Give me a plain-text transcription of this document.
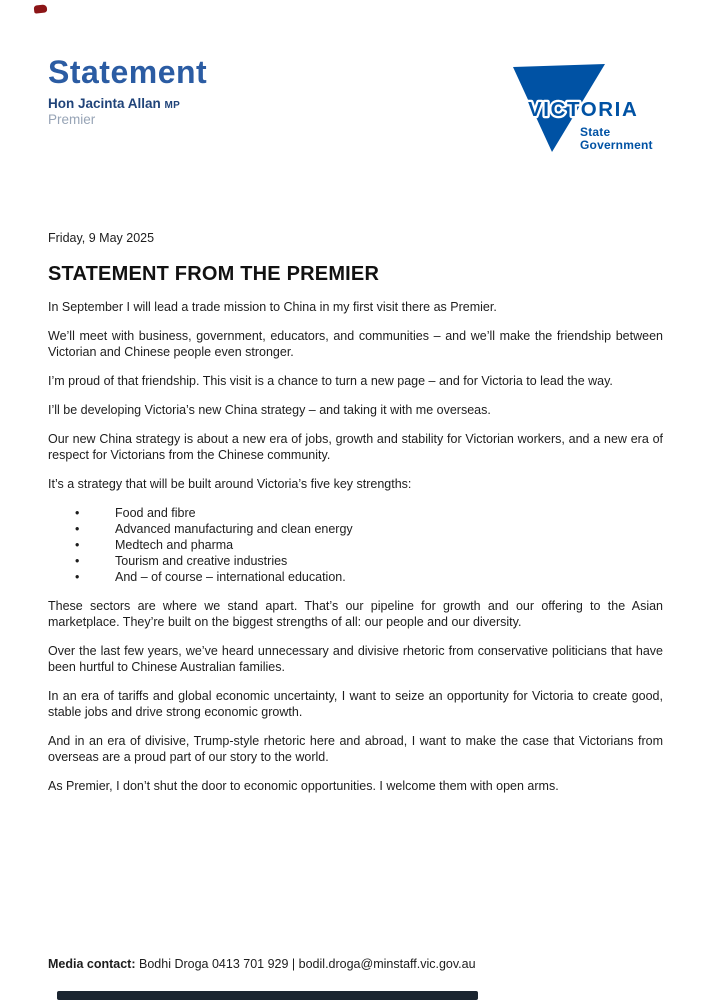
Statement
Hon Jacinta Allan MP
Premier	VICTORIA
State
Government

Friday, 9 May 2025

STATEMENT FROM THE PREMIER

In September I will lead a trade mission to China in my first visit there as Premier.

We’ll meet with business, government, educators, and communities – and we’ll make the friendship between Victorian and Chinese people even stronger.

I’m proud of that friendship. This visit is a chance to turn a new page – and for Victoria to lead the way.

I’ll be developing Victoria’s new China strategy – and taking it with me overseas.

Our new China strategy is about a new era of jobs, growth and stability for Victorian workers, and a new era of respect for Victorians from the Chinese community.

It’s a strategy that will be built around Victoria’s five key strengths:

• Food and fibre
• Advanced manufacturing and clean energy
• Medtech and pharma
• Tourism and creative industries
• And – of course – international education.

These sectors are where we stand apart. That’s our pipeline for growth and our offering to the Asian marketplace. They’re built on the biggest strengths of all: our people and our diversity.

Over the last few years, we’ve heard unnecessary and divisive rhetoric from conservative politicians that have been hurtful to Chinese Australian families.

In an era of tariffs and global economic uncertainty, I want to seize an opportunity for Victoria to create good, stable jobs and drive strong economic growth.

And in an era of divisive, Trump-style rhetoric here and abroad, I want to make the case that Victorians from overseas are a proud part of our story to the world.

As Premier, I don’t shut the door to economic opportunities. I welcome them with open arms.

Media contact: Bodhi Droga 0413 701 929 | bodil.droga@minstaff.vic.gov.au
